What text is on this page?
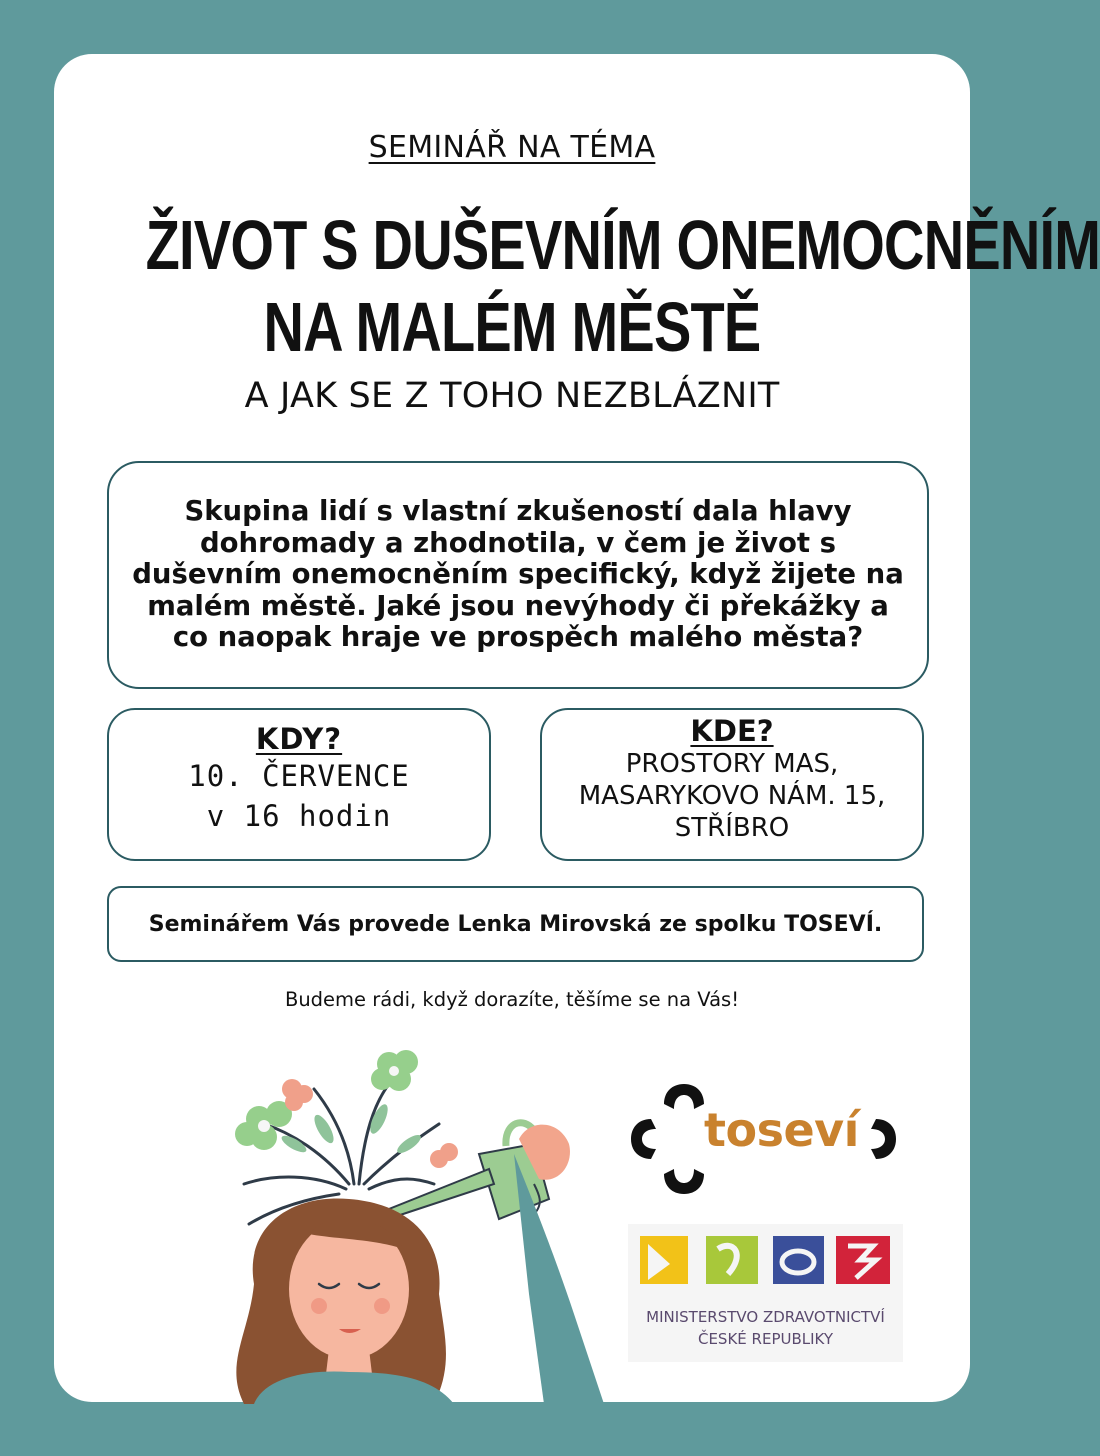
SEMINÁŘ NA TÉMA
ŽIVOT S DUŠEVNÍM ONEMOCNĚNÍM
NA MALÉM MĚSTĚ
A JAK SE Z TOHO NEZBLÁZNIT
Skupina lidí s vlastní zkušeností dala hlavy dohromady a zhodnotila, v čem je život s duševním onemocněním specifický, když žijete na malém městě. Jaké jsou nevýhody či překážky a co naopak hraje ve prospěch malého města?
KDY?
10. ČERVENCE
v 16 hodin
KDE?
PROSTORY MAS,
MASARYKOVO NÁM. 15,
STŘÍBRO
Seminářem Vás provede Lenka Mirovská ze spolku TOSEVÍ.
Budeme rádi, když dorazíte, těšíme se na Vás!
toseví
MINISTERSTVO ZDRAVOTNICTVÍ
ČESKÉ REPUBLIKY
